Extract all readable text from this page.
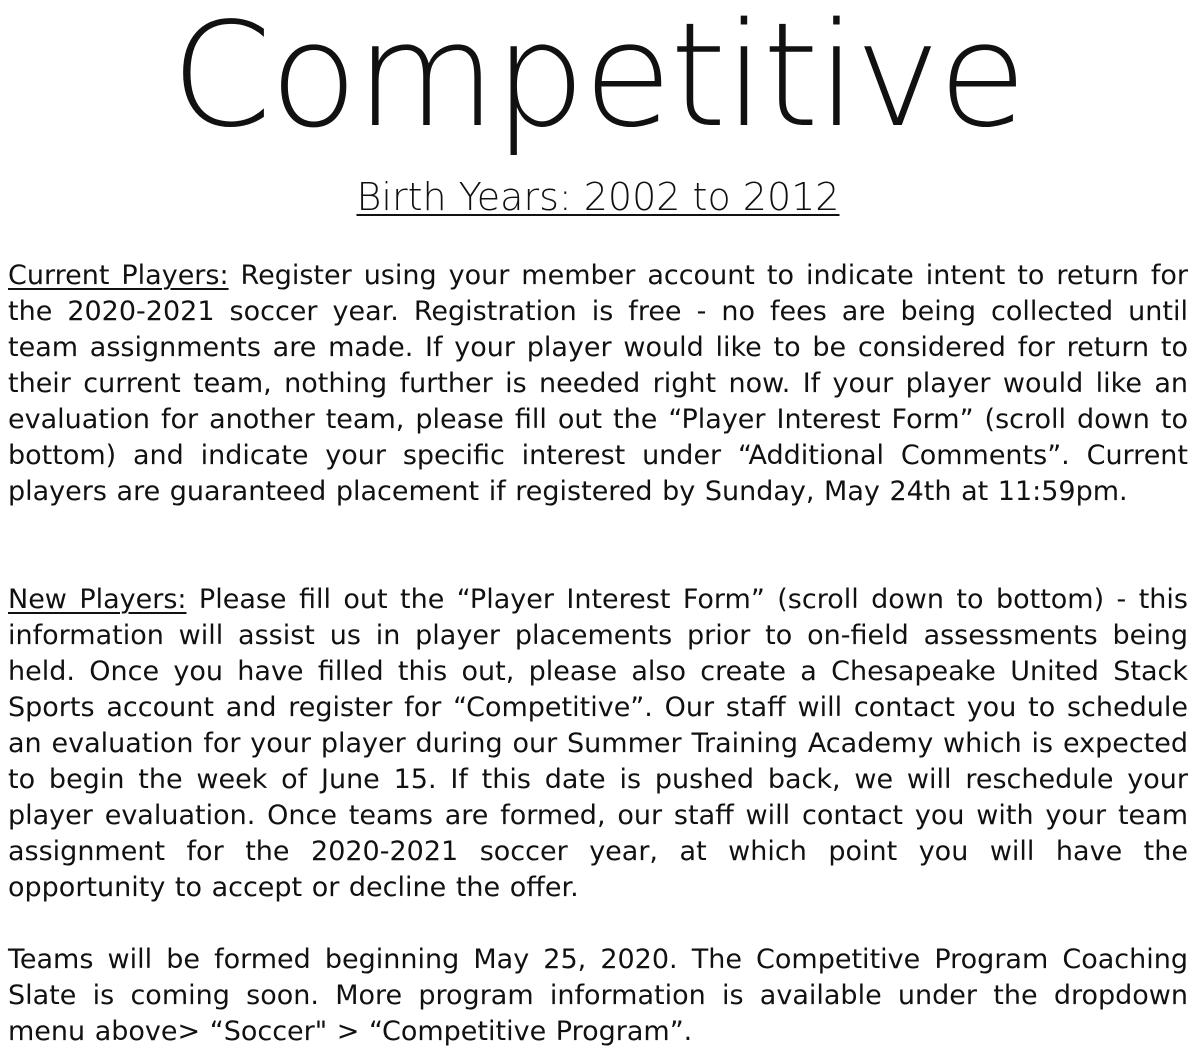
Competitive
Birth Years: 2002 to 2012

Current Players: Register using your member account to indicate intent to return for the 2020-2021 soccer year. Registration is free - no fees are being collected until team assignments are made. If your player would like to be considered for return to their current team, nothing further is needed right now. If your player would like an evaluation for another team, please fill out the “Player Interest Form” (scroll down to bottom) and indicate your specific interest under “Additional Comments”. Current players are guaranteed placement if registered by Sunday, May 24th at 11:59pm.

New Players: Please fill out the “Player Interest Form” (scroll down to bottom) - this information will assist us in player placements prior to on-field assessments being held. Once you have filled this out, please also create a Chesapeake United Stack Sports account and register for “Competitive”. Our staff will contact you to schedule an evaluation for your player during our Summer Training Academy which is expected to begin the week of June 15. If this date is pushed back, we will reschedule your player evaluation. Once teams are formed, our staff will contact you with your team assignment for the 2020-2021 soccer year, at which point you will have the opportunity to accept or decline the offer.

Teams will be formed beginning May 25, 2020. The Competitive Program Coaching Slate is coming soon. More program information is available under the dropdown menu above> “Soccer" > “Competitive Program”.
